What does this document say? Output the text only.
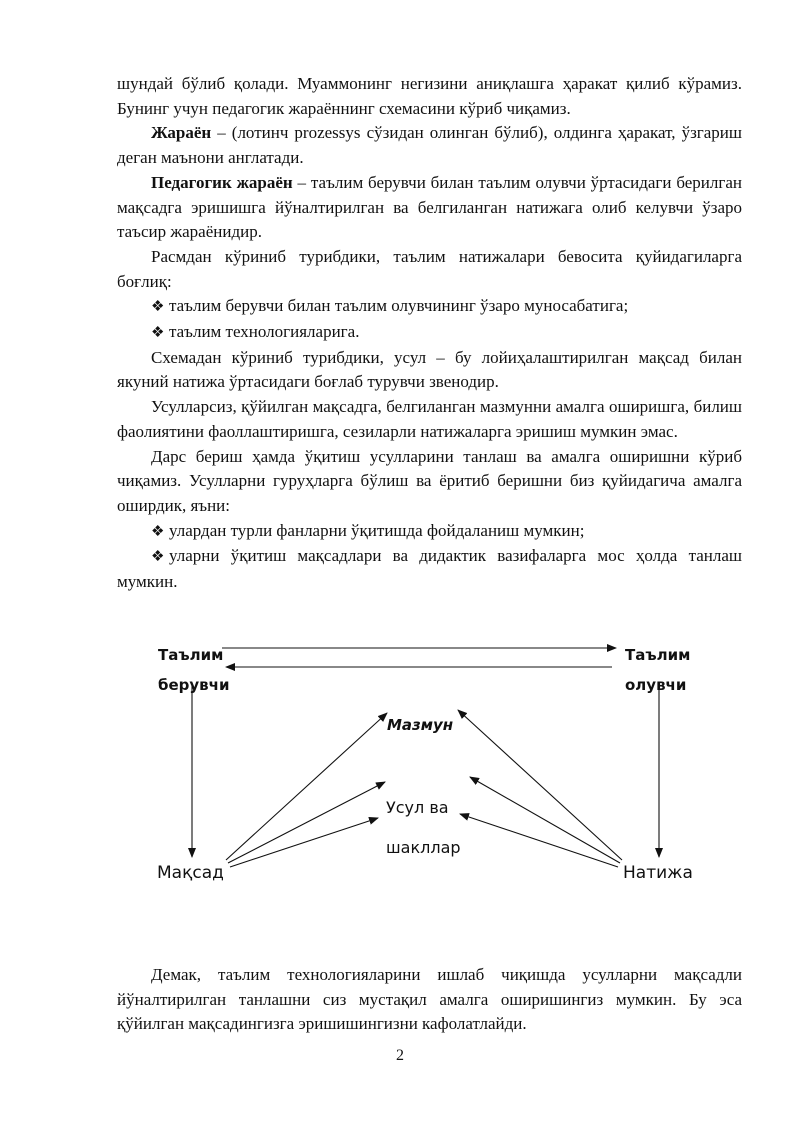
шундай бўлиб қолади. Муаммонинг негизини аниқлашга ҳаракат қилиб кўрамиз. Бунинг учун педагогик жараённинг схемасини кўриб чиқамиз.

Жараён – (лотинч prozessys сўзидан олинган бўлиб), олдинга ҳаракат, ўзгариш деган маънони англатади.

Педагогик жараён – таълим берувчи билан таълим олувчи ўртасидаги берилган мақсадга эришишга йўналтирилган ва белгиланган натижага олиб келувчи ўзаро таъсир жараёнидир.

Расмдан кўриниб турибдики, таълим натижалари бевосита қуйидагиларга боғлиқ:

❖ таълим берувчи билан таълим олувчининг ўзаро муносабатига;

❖ таълим технологияларига.

Схемадан кўриниб турибдики, усул – бу лойиҳалаштирилган мақсад билан якуний натижа ўртасидаги боғлаб турувчи звенодир.

Усулларсиз, қўйилган мақсадга, белгиланган мазмунни амалга оширишга, билиш фаолиятини фаоллаштиришга, сезиларли натижаларга эришиш мумкин эмас.

Дарс бериш ҳамда ўқитиш усулларини танлаш ва амалга оширишни кўриб чиқамиз. Усулларни гуруҳларга бўлиш ва ёритиб беришни биз қуйидагича амалга оширдик, яъни:

❖ улардан турли фанларни ўқитишда фойдаланиш мумкин;

❖ уларни ўқитиш мақсадлари ва дидактик вазифаларга мос ҳолда танлаш мумкин.

Таълим берувчи
Таълим олувчи
Мазмун
Усул ва шакллар
Мақсад	Натижа

Демак, таълим технологияларини ишлаб чиқишда усулларни мақсадли йўналтирилган танлашни сиз мустақил амалга оширишингиз мумкин. Бу эса қўйилган мақсадингизга эришишингизни кафолатлайди.

2
